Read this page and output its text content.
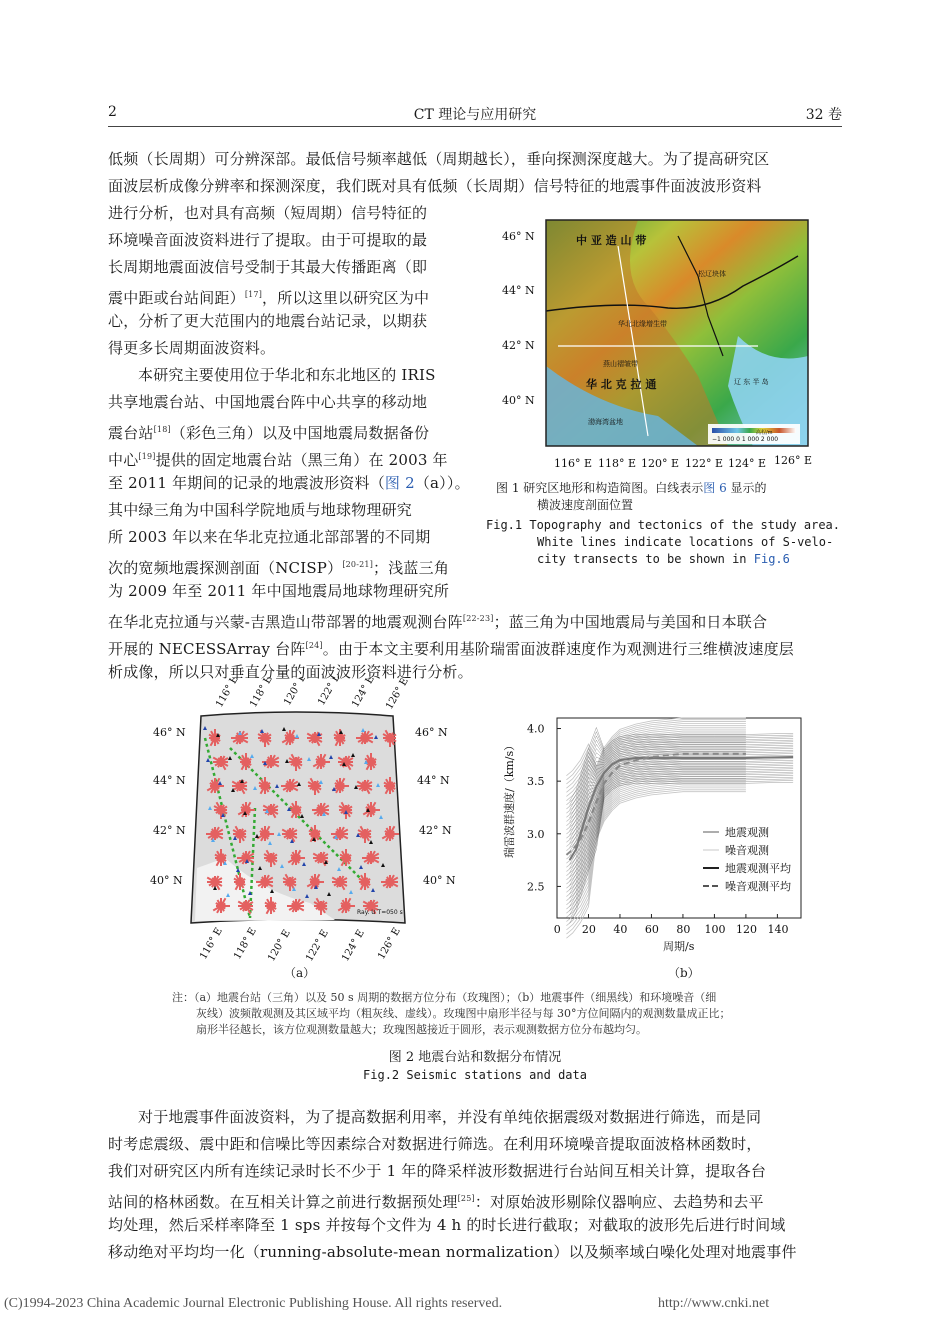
2	CT 理论与应用研究	32 卷
低频（长周期）可分辨深部。最低信号频率越低（周期越长），垂向探测深度越大。为了提高研究区
面波层析成像分辨率和探测深度，我们既对具有低频（长周期）信号特征的地震事件面波波形资料
进行分析，也对具有高频（短周期）信号特征的
环境噪音面波资料进行了提取。由于可提取的最
长周期地震面波信号受制于其最大传播距离（即
震中距或台站间距）[17]，所以这里以研究区为中
心，分析了更大范围内的地震台站记录，以期获
得更多长周期面波资料。
本研究主要使用位于华北和东北地区的 IRIS
共享地震台站、中国地震台阵中心共享的移动地
震台站[18]（彩色三角）以及中国地震局数据备份
中心[19]提供的固定地震台站（黑三角）在 2003 年
至 2011 年期间的记录的地震波形资料（图 2（a））。
其中绿三角为中国科学院地质与地球物理研究
所 2003 年以来在华北克拉通北部部署的不同期
次的宽频地震探测剖面（NCISP）[20-21]；浅蓝三角
为 2009 年至 2011 年中国地震局地球物理研究所
在华北克拉通与兴蒙-吉黑造山带部署的地震观测台阵[22-23]；蓝三角为中国地震局与美国和日本联合
开展的 NECESSArray 台阵[24]。由于本文主要利用基阶瑞雷面波群速度作为观测进行三维横波速度层
析成像，所以只对垂直分量的面波波形资料进行分析。
中 亚 造 山 带
松辽块体
华北北缘增生带
燕山褶皱带
华 北 克 拉 通	辽 东 半 岛
渤海湾盆地
−1 000 0 1 000 2 000
高程/m
46° N
44° N
42° N
40° N
116° E 118° E 120° E 122° E 124° E 126° E
图 1 研究区地形和构造简图。白线表示图 6 显示的
横波速度剖面位置
Fig.1 Topography and tectonics of the study area.
White lines indicate locations of S-velo-
city transects to be shown in Fig.6
Ray. U T=050 s
46° N
44° N
42° N
40° N
46° N
44° N
42° N
40° N
116° E 118° E 120° E 122° E 124° E 126° E
116° E 118° E 120° E 122° E 124° E 126° E
（a）
0 20 40 60 80 100 120 140
2.5
3.0
3.5
4.0
地震观测
噪音观测
地震观测平均
噪音观测平均
瑞雷波群速度/（km/s）
周期/s
（b）
注：（a）地震台站（三角）以及 50 s 周期的数据方位分布（玫瑰图）；（b）地震事件（细黑线）和环境噪音（细
灰线）波频散观测及其区域平均（粗灰线、虚线）。玫瑰图中扇形半径与每 30°方位间隔内的观测数量成正比；
扇形半径越长，该方位观测数量越大；玫瑰图越接近于圆形，表示观测数据方位分布越均匀。
图 2 地震台站和数据分布情况
Fig.2 Seismic stations and data
对于地震事件面波资料，为了提高数据利用率，并没有单纯依据震级对数据进行筛选，而是同
时考虑震级、震中距和信噪比等因素综合对数据进行筛选。在利用环境噪音提取面波格林函数时，
我们对研究区内所有连续记录时长不少于 1 年的降采样波形数据进行台站间互相关计算，提取各台
站间的格林函数。在互相关计算之前进行数据预处理[25]：对原始波形剔除仪器响应、去趋势和去平
均处理，然后采样率降至 1 sps 并按每个文件为 4 h 的时长进行截取；对截取的波形先后进行时间域
移动绝对平均均一化（running-absolute-mean normalization）以及频率域白噪化处理对地震事件
(C)1994-2023 China Academic Journal Electronic Publishing House. All rights reserved.	http://www.cnki.net
